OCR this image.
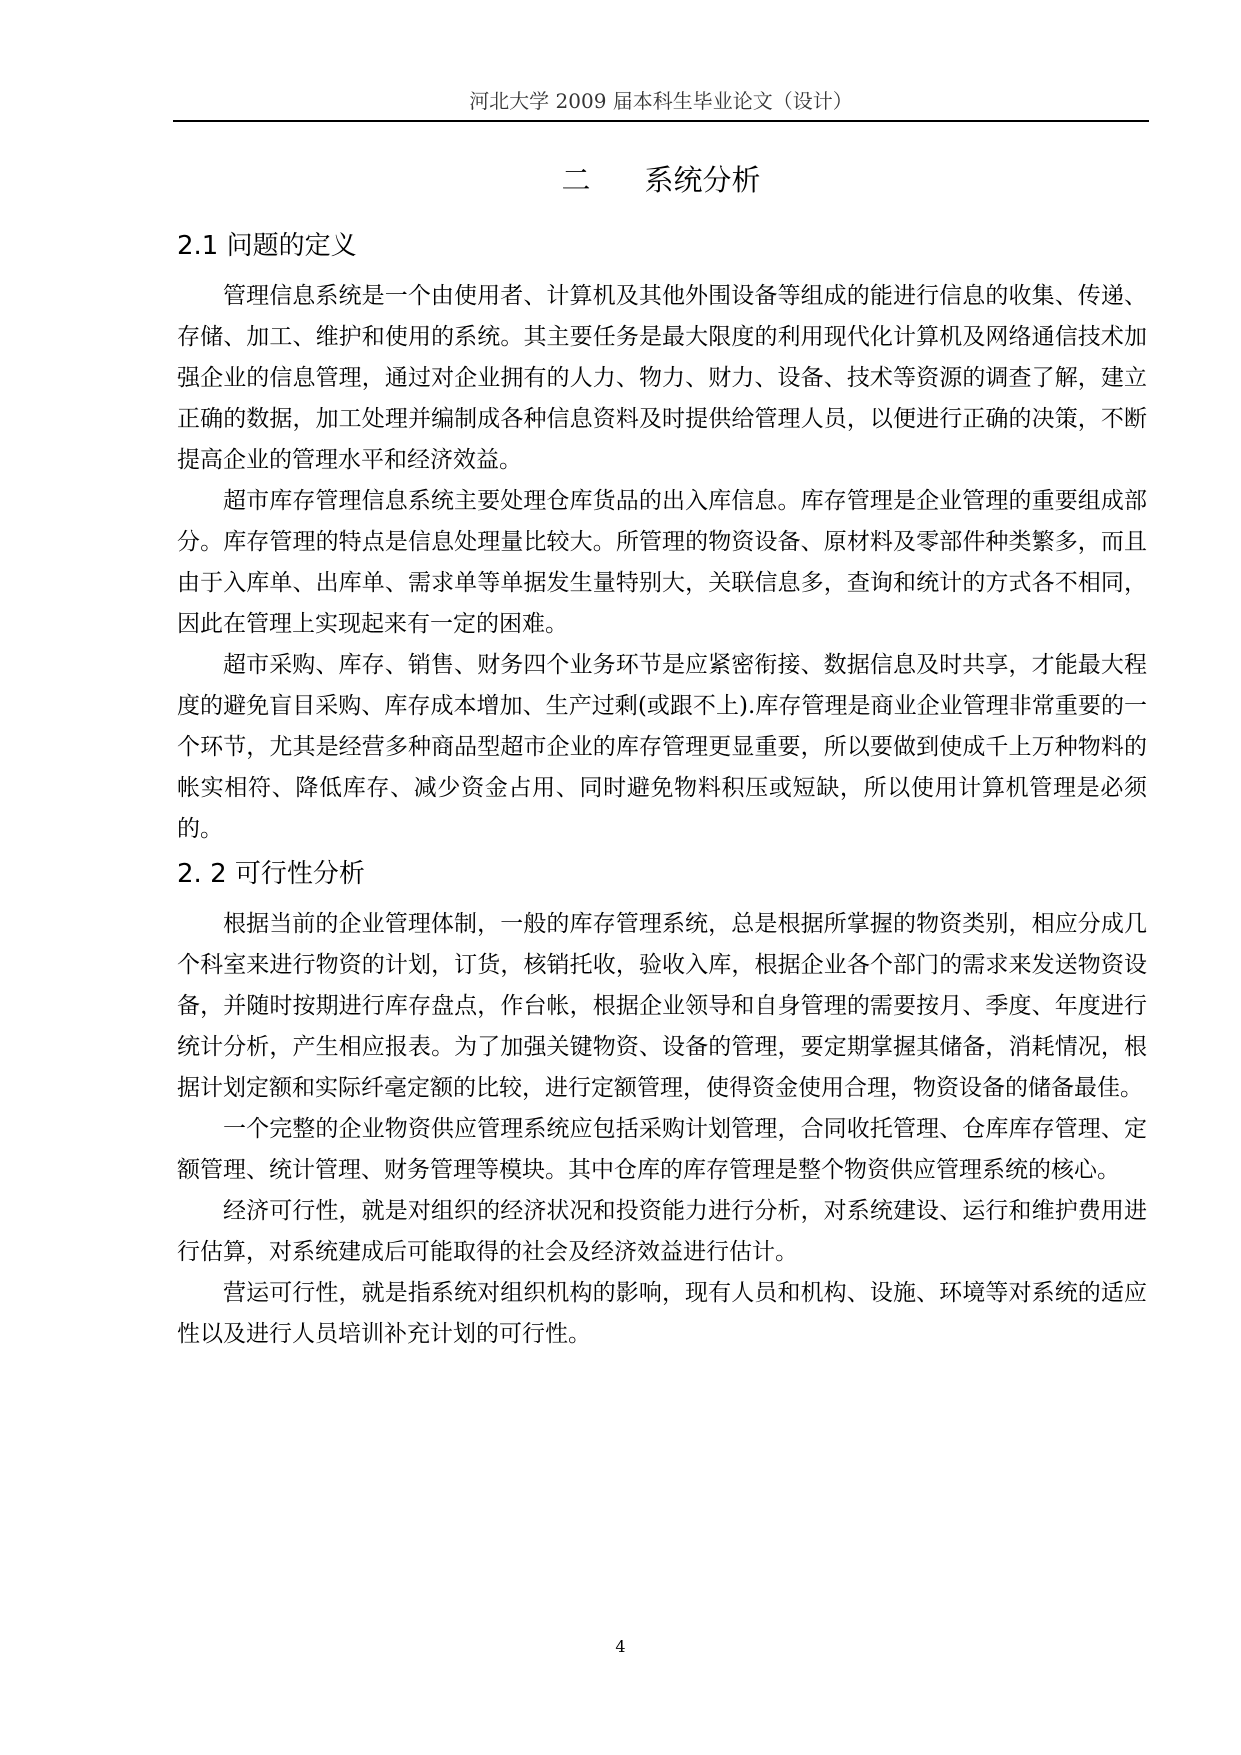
河北大学 2009 届本科生毕业论文（设计）
二 系统分析
2.1 问题的定义

管理信息系统是一个由使用者、计算机及其他外围设备等组成的能进行信息的收集、传递、存储、加工、维护和使用的系统。其主要任务是最大限度的利用现代化计算机及网络通信技术加强企业的信息管理，通过对企业拥有的人力、物力、财力、设备、技术等资源的调查了解，建立正确的数据，加工处理并编制成各种信息资料及时提供给管理人员，以便进行正确的决策，不断提高企业的管理水平和经济效益。

超市库存管理信息系统主要处理仓库货品的出入库信息。库存管理是企业管理的重要组成部分。库存管理的特点是信息处理量比较大。所管理的物资设备、原材料及零部件种类繁多，而且由于入库单、出库单、需求单等单据发生量特别大，关联信息多，查询和统计的方式各不相同，因此在管理上实现起来有一定的困难。

超市采购、库存、销售、财务四个业务环节是应紧密衔接、数据信息及时共享，才能最大程度的避免盲目采购、库存成本增加、生产过剩(或跟不上).库存管理是商业企业管理非常重要的一个环节，尤其是经营多种商品型超市企业的库存管理更显重要，所以要做到使成千上万种物料的帐实相符、降低库存、减少资金占用、同时避免物料积压或短缺，所以使用计算机管理是必须的。

2. 2 可行性分析

根据当前的企业管理体制，一般的库存管理系统，总是根据所掌握的物资类别，相应分成几个科室来进行物资的计划，订货，核销托收，验收入库，根据企业各个部门的需求来发送物资设备，并随时按期进行库存盘点，作台帐，根据企业领导和自身管理的需要按月、季度、年度进行统计分析，产生相应报表。为了加强关键物资、设备的管理，要定期掌握其储备，消耗情况，根据计划定额和实际纤毫定额的比较，进行定额管理，使得资金使用合理，物资设备的储备最佳。

一个完整的企业物资供应管理系统应包括采购计划管理，合同收托管理、仓库库存管理、定额管理、统计管理、财务管理等模块。其中仓库的库存管理是整个物资供应管理系统的核心。

经济可行性，就是对组织的经济状况和投资能力进行分析，对系统建设、运行和维护费用进行估算，对系统建成后可能取得的社会及经济效益进行估计。

营运可行性，就是指系统对组织机构的影响，现有人员和机构、设施、环境等对系统的适应性以及进行人员培训补充计划的可行性。

4
